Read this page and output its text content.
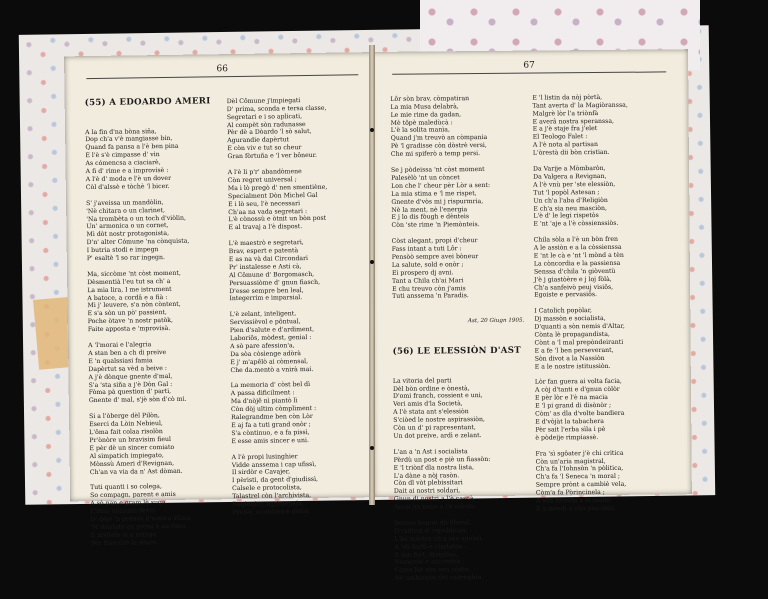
66

(55) A EDOARDO AMERI

A la fin d'na bòna siña,
Dop ch'a v'è mangiasse bin,
Quand fa pansa a l'è ben pina
E l'è s'è cimpasse d' vin
As cómencsa a ciaciarè,
A fi d' rime e a ìmprovisè :
A l'è d' moda e l'è un dover
Còl d'alssè e tòchè 'l bicer.

S' j'aveissa un mandòlin,
'Nè chitara o un clarinet,
'Na trombèta o un toch d'viòlin,
Un' armonica o un cornet,
Mi dòt nostr protagonista,
D'n' alter Cómune 'na cònquista,
I butria stodi e impegn
P' esaltè 'l so rar ingegn.

Ma, siccòme 'nt còst moment,
Dèsmentià l'eu tut sa ch' a
La mia lira, I me istrument
A batoce, a cordâ e a fià :
Mi j' leuvere, s'a nòn còntent,
E s'a sòn un pò' passient,
Poche òtave 'n nostr patòk,
Faite apposta e 'mprovisà.

A 'l'morai e l'alegria
A stan ben a ch di preive
E 'n qualssiasi famia
Dapèrtut sa vèd a beive :
A j'è dònque gnente d'mal,
S'a 'sta siña a j'è Dòn Gal :
Fòma pà question d' parti,
Gnente d' mal, s'jè sòn d'cò mi.

Si a l'òberge dèl Pilòn,
Eserci da Lòin Nebieul,
L'ôma fait colaa risolòn
Pr'ònòre un bravisim fieul
E pèr dè un sincer comiato
Al simpatich impiegato,
Mònssù Ameri d'Revignan,
Ch'an va via da n' Ast dòman.

Tuti quanti i so colega,
So compagn, parent e amis
A sò nan e gram lè suga,
L'ôma unanimi decis
D' deje 'n preuva d'nostra stima
'N stealato an prosa e an rima
E invitelo si a mangè
Pèr trascòre la sôarè.

Dèl Cômune j'impiegati
D' prima, sconda e tersa classe,
Segretari e i so aplicati,
Al compèt sòn radunasse
Pèr dè a Dòardo 'l sò salut,
Agurandie dapèrtut
E còn viv e tut so cheur
Gran fòrtuña e 'l ver bôneur.

A l'è li p'r' abandòmene
Còn regret universal ;
Ma i lò pregò d' nen smentiène,
Specialment Dòn Michel Gal
E i lò seu, l'è necessari
Ch'aa na vada segretari :
L'è cònossù e òtnit un bòn post
E al travaj a l'è dispost.

L'è maestrò e segretari,
Brav, espert e patentà
E as na và dai Circondari
Pr' instalesse e Asti cà,
Al Cômune d' Borgomasch,
Persuassiòme d' gnun fiasch,
D'esse sempre ben leal,
Integerrim e imparsial.

L'è zelant, inteligent,
Servissièvol e pôntual,
Pien d'salute e d'ardiment,
Laboriôs, mòdest, genial :
A sò pare afession'a,
Da sòa còsìenge adòrà
E j' m'apêlò ai còmensal,
Che da.mentò a vnirà mai.

La memoria d' còst bel dì
A passa dificilment :
Ma d'nòjê nì piantò lì
Còn dòj ultim còmpliment :
Ralegrandme ben còn Lòr
E aj fa a tuti grand onòr ;
S'a còntinuo, e a fa pissì,
E esse amis sincer e uni.

A l'è propi lusinghier
Vidde anssema i cap ufissì,
Il sirdòr e Cavajer,
I pèristi, da gent d'giudissì,
Calsele e protocolista,
Talastrel còn l'archivista,
Ragionier, agrimensòr,
Preive, econòmo e dòtòr.

67

Lôr sòn brav, còmpatiran
La mia Musa delabrà,
Le mie rime da gadan,
Mè tôpè maledùcà :
L'è la solita manìa,
Quand j'm treuvò an còmpania
Pè 'l gradisse còn dòstrè versi,
Che mi spiferò a temp persi.

Se j pòdeissa 'nt còst moment
Palesèlò 'nt un còncet
Lon che l' cheur pèr Lòr a sent:
La mia stima e 'l me rispet,
Gnente d'vòs mi j rispurmria,
Nè la ment, nè l'energia
E j lo dis fòugh e dènteis
Còn 'ste rime 'n Piemònteis.

Còst alegant, propi d'cheur
Fass intant a tuti Lôr :
Pensòò sempre avei bòneur
La salute, sold e onòr ;
Eì prospero dj avni.
Tant a Chila ch'ai Mari
E chu treuvo còn j'amis
Tuti anssema 'n Paradis.

Ast, 20 Giugn 1905.

(56) LE ELESSIÒN D'AST

La vitoria del parti
Dèl bòn ordine e ònestà,
D'omi franch, cossient e uni,
Veri amis d'la Società,
A l'è stata ant s'elessiòn
S'ciòed le nostre aspirassiòn,
Còn un d' pi rapresentant,
Un dot preive, ardì e zelant.

L'an a 'n Ast i socialista
Pèrdù un post e piè un fiassòn:
E 'l triònf dla nostra lista,
L'a dàne a nòj rasòn.
Còn dl vòt plebissitari
Dait ai nostri soldari,
Gnun di nostri a l'è cascà,
Anssi un neuv a l'è mònta.

Senssa bogun dii liberal,
D'radical d' republican,
L'ha mòstra ch'a sòn sguasì
A 'sti farfò e ciarlatan :
A sòn fort, disiplinà,
Numerôs e accreditâ :
Còme lòr sòn nen còdin,
Nè ambissiòs dèl cadreghin.

E 'l listin da nòj pòrtà,
Tant averta d' la Magiòranssa,
Malgrè lòr l'a triònfà
E averâ nostra speranssa,
E a j'è staje fra j'elet
El Teologo Falet :
A l'è nota al partisan
L'òrestà dii bòn cristian.

Da Varije a Mòmbaròn,
Da Valgera a Revignan,
A l'è vnù per 'ste elessiòn,
Tut 'l popòl Astesan ;
Un ch'a l'aba d'Religiòn
E ch'a sia neu masciòn,
L'è d' le legi rispetòs
E 'nt 'aje a l'è còssienssiòs.

Chila sòla a l'è un bòn fren
A le assiòn e a la còssienssa
E 'nt le cà e 'nt 'l mònd a tèn
La còncordia e la passiensa
Senssa d'chila 'n giòventù
J'è j giastòère e j loj fòlà,
Ch'a sanfeivò peuj visiôs,
Egoiste e pervasiôs.

I Catolich popòlar,
Dj massòn e socialista,
D'quanti a sòn nemis d'Altar,
Cònta lè propagandista,
Cònt a 'l mal prepòndeiranti
E a fe 'l ben perseverant,
Sòn divot a la Nassiòn
E a le nostre istitussiòn.

Lòr fan guera ai volta facia,
A còj d'tanti e d'gnun còlòr
E pèr lòr e l'è na macia
E 'l pi grand di disònòr ;
Còm' as dla d'volte bandiera
E d'vòjàt la tabachera
Pèr sait l'erba sìla i pè
è pòdeije rimpiassè.

Fra 'sì sgôater j'è chi critica
Còn un'aria magistral,
Ch'a fa l'Iohnsòn 'n pòlitica,
Ch'a fa 'l Seneca 'n moral ;
Sempre prònt a cambiè vela,
Còm'a fa Pòrincinela ;
A sòn branda a la matin
E a mesdì a sòn giacòbin.
